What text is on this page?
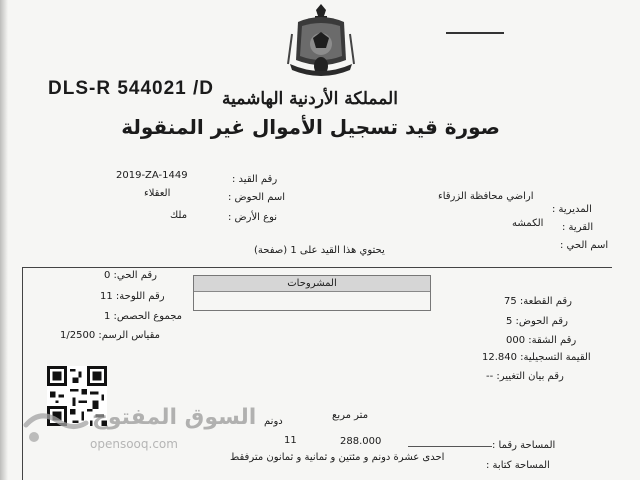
DLS-R 544021 /D المملكة الأردنية الهاشمية
صورة قيد تسجيل الأموال غير المنقولة
رقم القيد :
2019-ZA-1449
اسم الحوض :
العقلاء
نوع الأرض :
ملك
المديرية :
اراضي محافظة الزرقاء
القرية :
الكمشه
اسم الحي :
يحتوي هذا القيد على 1 (صفحة)
المشروحات
رقم الحي: 0
رقم اللوحة: 11
مجموع الحصص: 1
مقياس الرسم: 1/2500
رقم القطعة: 75
رقم الحوض: 5
رقم الشقة: 000
القيمة التسجيلية: 12.840
رقم بيان التغيير: --
السوق المفتوح
opensooq.com
متر مربع
دونم
288.000
11	المساحة رقما :
المساحة كتابة :
احدى عشرة دونم و مئتين و ثمانية و ثمانون مترفقط
